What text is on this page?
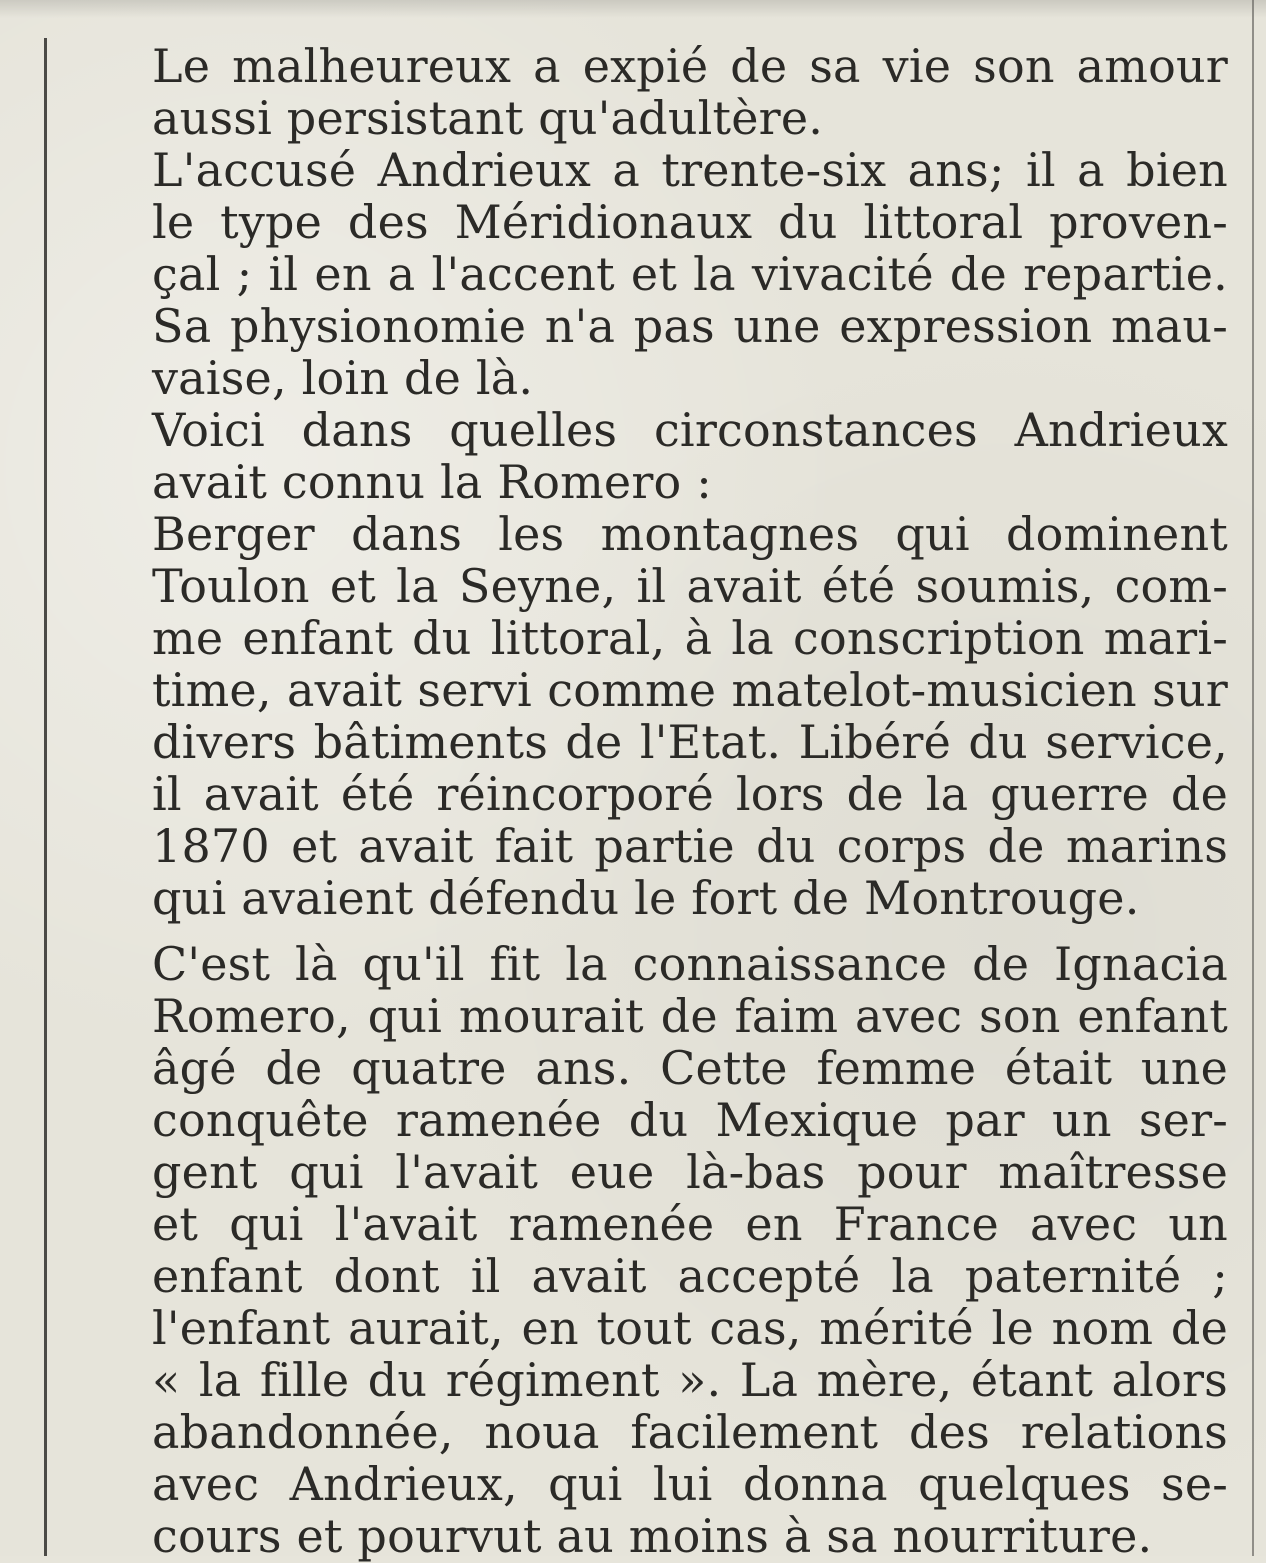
Le malheureux a expié de sa vie son amour
aussi persistant qu'adultère.

L'accusé Andrieux a trente-six ans; il a bien
le type des Méridionaux du littoral proven-
çal ; il en a l'accent et la vivacité de repartie.
Sa physionomie n'a pas une expression mau-
vaise, loin de là.

Voici dans quelles circonstances Andrieux
avait connu la Romero :

Berger dans les montagnes qui dominent
Toulon et la Seyne, il avait été soumis, com-
me enfant du littoral, à la conscription mari-
time, avait servi comme matelot-musicien sur
divers bâtiments de l'Etat. Libéré du service,
il avait été réincorporé lors de la guerre de
1870 et avait fait partie du corps de marins
qui avaient défendu le fort de Montrouge.

C'est là qu'il fit la connaissance de Ignacia
Romero, qui mourait de faim avec son enfant
âgé de quatre ans. Cette femme était une
conquête ramenée du Mexique par un ser-
gent qui l'avait eue là-bas pour maîtresse
et qui l'avait ramenée en France avec un
enfant dont il avait accepté la paternité ;
l'enfant aurait, en tout cas, mérité le nom de
« la fille du régiment ». La mère, étant alors
abandonnée, noua facilement des relations
avec Andrieux, qui lui donna quelques se-
cours et pourvut au moins à sa nourriture.
